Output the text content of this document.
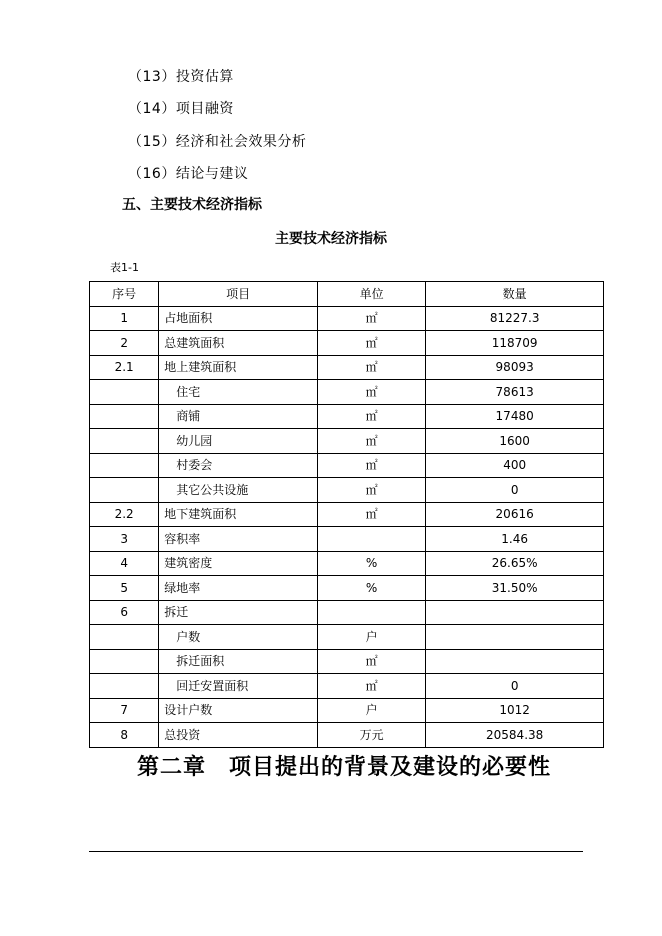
（13）投资估算
（14）项目融资
（15）经济和社会效果分析
（16）结论与建议
五、主要技术经济指标
主要技术经济指标
表1-1
序号	项目	单位	数量
1	占地面积	㎡	81227.3
2	总建筑面积	㎡	118709
2.1	地上建筑面积	㎡	98093
	住宅	㎡	78613
	商铺	㎡	17480
	幼儿园	㎡	1600
	村委会	㎡	400
	其它公共设施	㎡	0
2.2	地下建筑面积	㎡	20616
3	容积率		1.46
4	建筑密度	%	26.65%
5	绿地率	%	31.50%
6	拆迁		
	户数	户	
	拆迁面积	㎡	
	回迁安置面积	㎡	0
7	设计户数	户	1012
8	总投资	万元	20584.38
第二章　项目提出的背景及建设的必要性
